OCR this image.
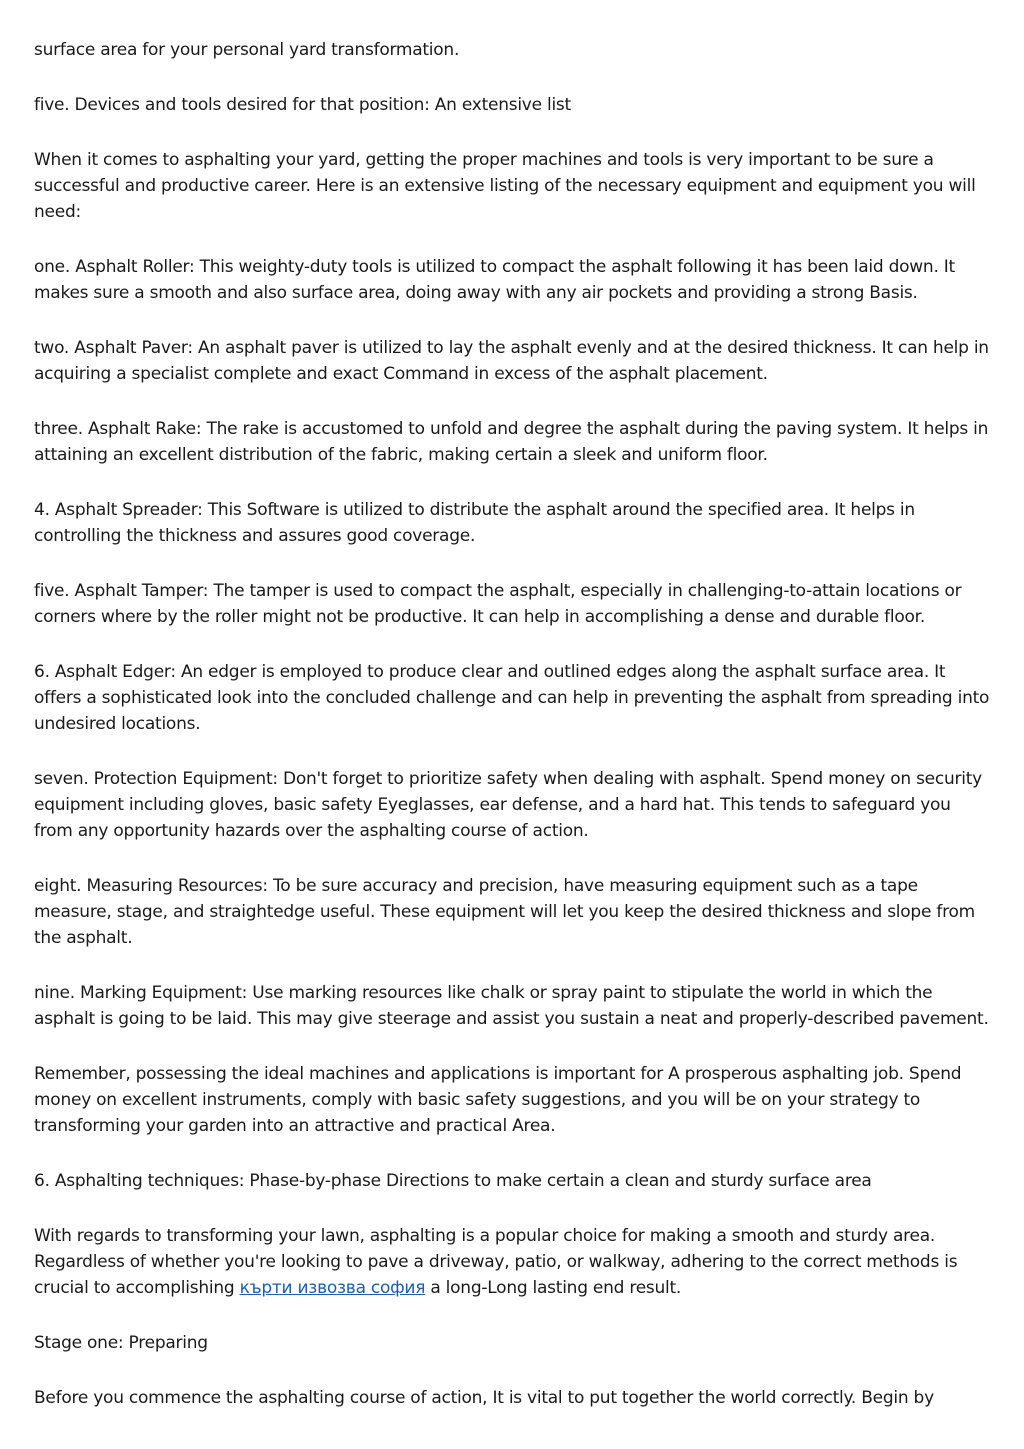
surface area for your personal yard transformation.

five. Devices and tools desired for that position: An extensive list

When it comes to asphalting your yard, getting the proper machines and tools is very important to be sure a successful and productive career. Here is an extensive listing of the necessary equipment and equipment you will need:

one. Asphalt Roller: This weighty-duty tools is utilized to compact the asphalt following it has been laid down. It makes sure a smooth and also surface area, doing away with any air pockets and providing a strong Basis.

two. Asphalt Paver: An asphalt paver is utilized to lay the asphalt evenly and at the desired thickness. It can help in acquiring a specialist complete and exact Command in excess of the asphalt placement.

three. Asphalt Rake: The rake is accustomed to unfold and degree the asphalt during the paving system. It helps in attaining an excellent distribution of the fabric, making certain a sleek and uniform floor.

4. Asphalt Spreader: This Software is utilized to distribute the asphalt around the specified area. It helps in controlling the thickness and assures good coverage.

five. Asphalt Tamper: The tamper is used to compact the asphalt, especially in challenging-to-attain locations or corners where by the roller might not be productive. It can help in accomplishing a dense and durable floor.

6. Asphalt Edger: An edger is employed to produce clear and outlined edges along the asphalt surface area. It offers a sophisticated look into the concluded challenge and can help in preventing the asphalt from spreading into undesired locations.

seven. Protection Equipment: Don't forget to prioritize safety when dealing with asphalt. Spend money on security equipment including gloves, basic safety Eyeglasses, ear defense, and a hard hat. This tends to safeguard you from any opportunity hazards over the asphalting course of action.

eight. Measuring Resources: To be sure accuracy and precision, have measuring equipment such as a tape measure, stage, and straightedge useful. These equipment will let you keep the desired thickness and slope from the asphalt.

nine. Marking Equipment: Use marking resources like chalk or spray paint to stipulate the world in which the asphalt is going to be laid. This may give steerage and assist you sustain a neat and properly-described pavement.

Remember, possessing the ideal machines and applications is important for A prosperous asphalting job. Spend money on excellent instruments, comply with basic safety suggestions, and you will be on your strategy to transforming your garden into an attractive and practical Area.

6. Asphalting techniques: Phase-by-phase Directions to make certain a clean and sturdy surface area

With regards to transforming your lawn, asphalting is a popular choice for making a smooth and sturdy area. Regardless of whether you're looking to pave a driveway, patio, or walkway, adhering to the correct methods is crucial to accomplishing кърти извозва софия a long-Long lasting end result.

Stage one: Preparing

Before you commence the asphalting course of action, It is vital to put together the world correctly. Begin by
